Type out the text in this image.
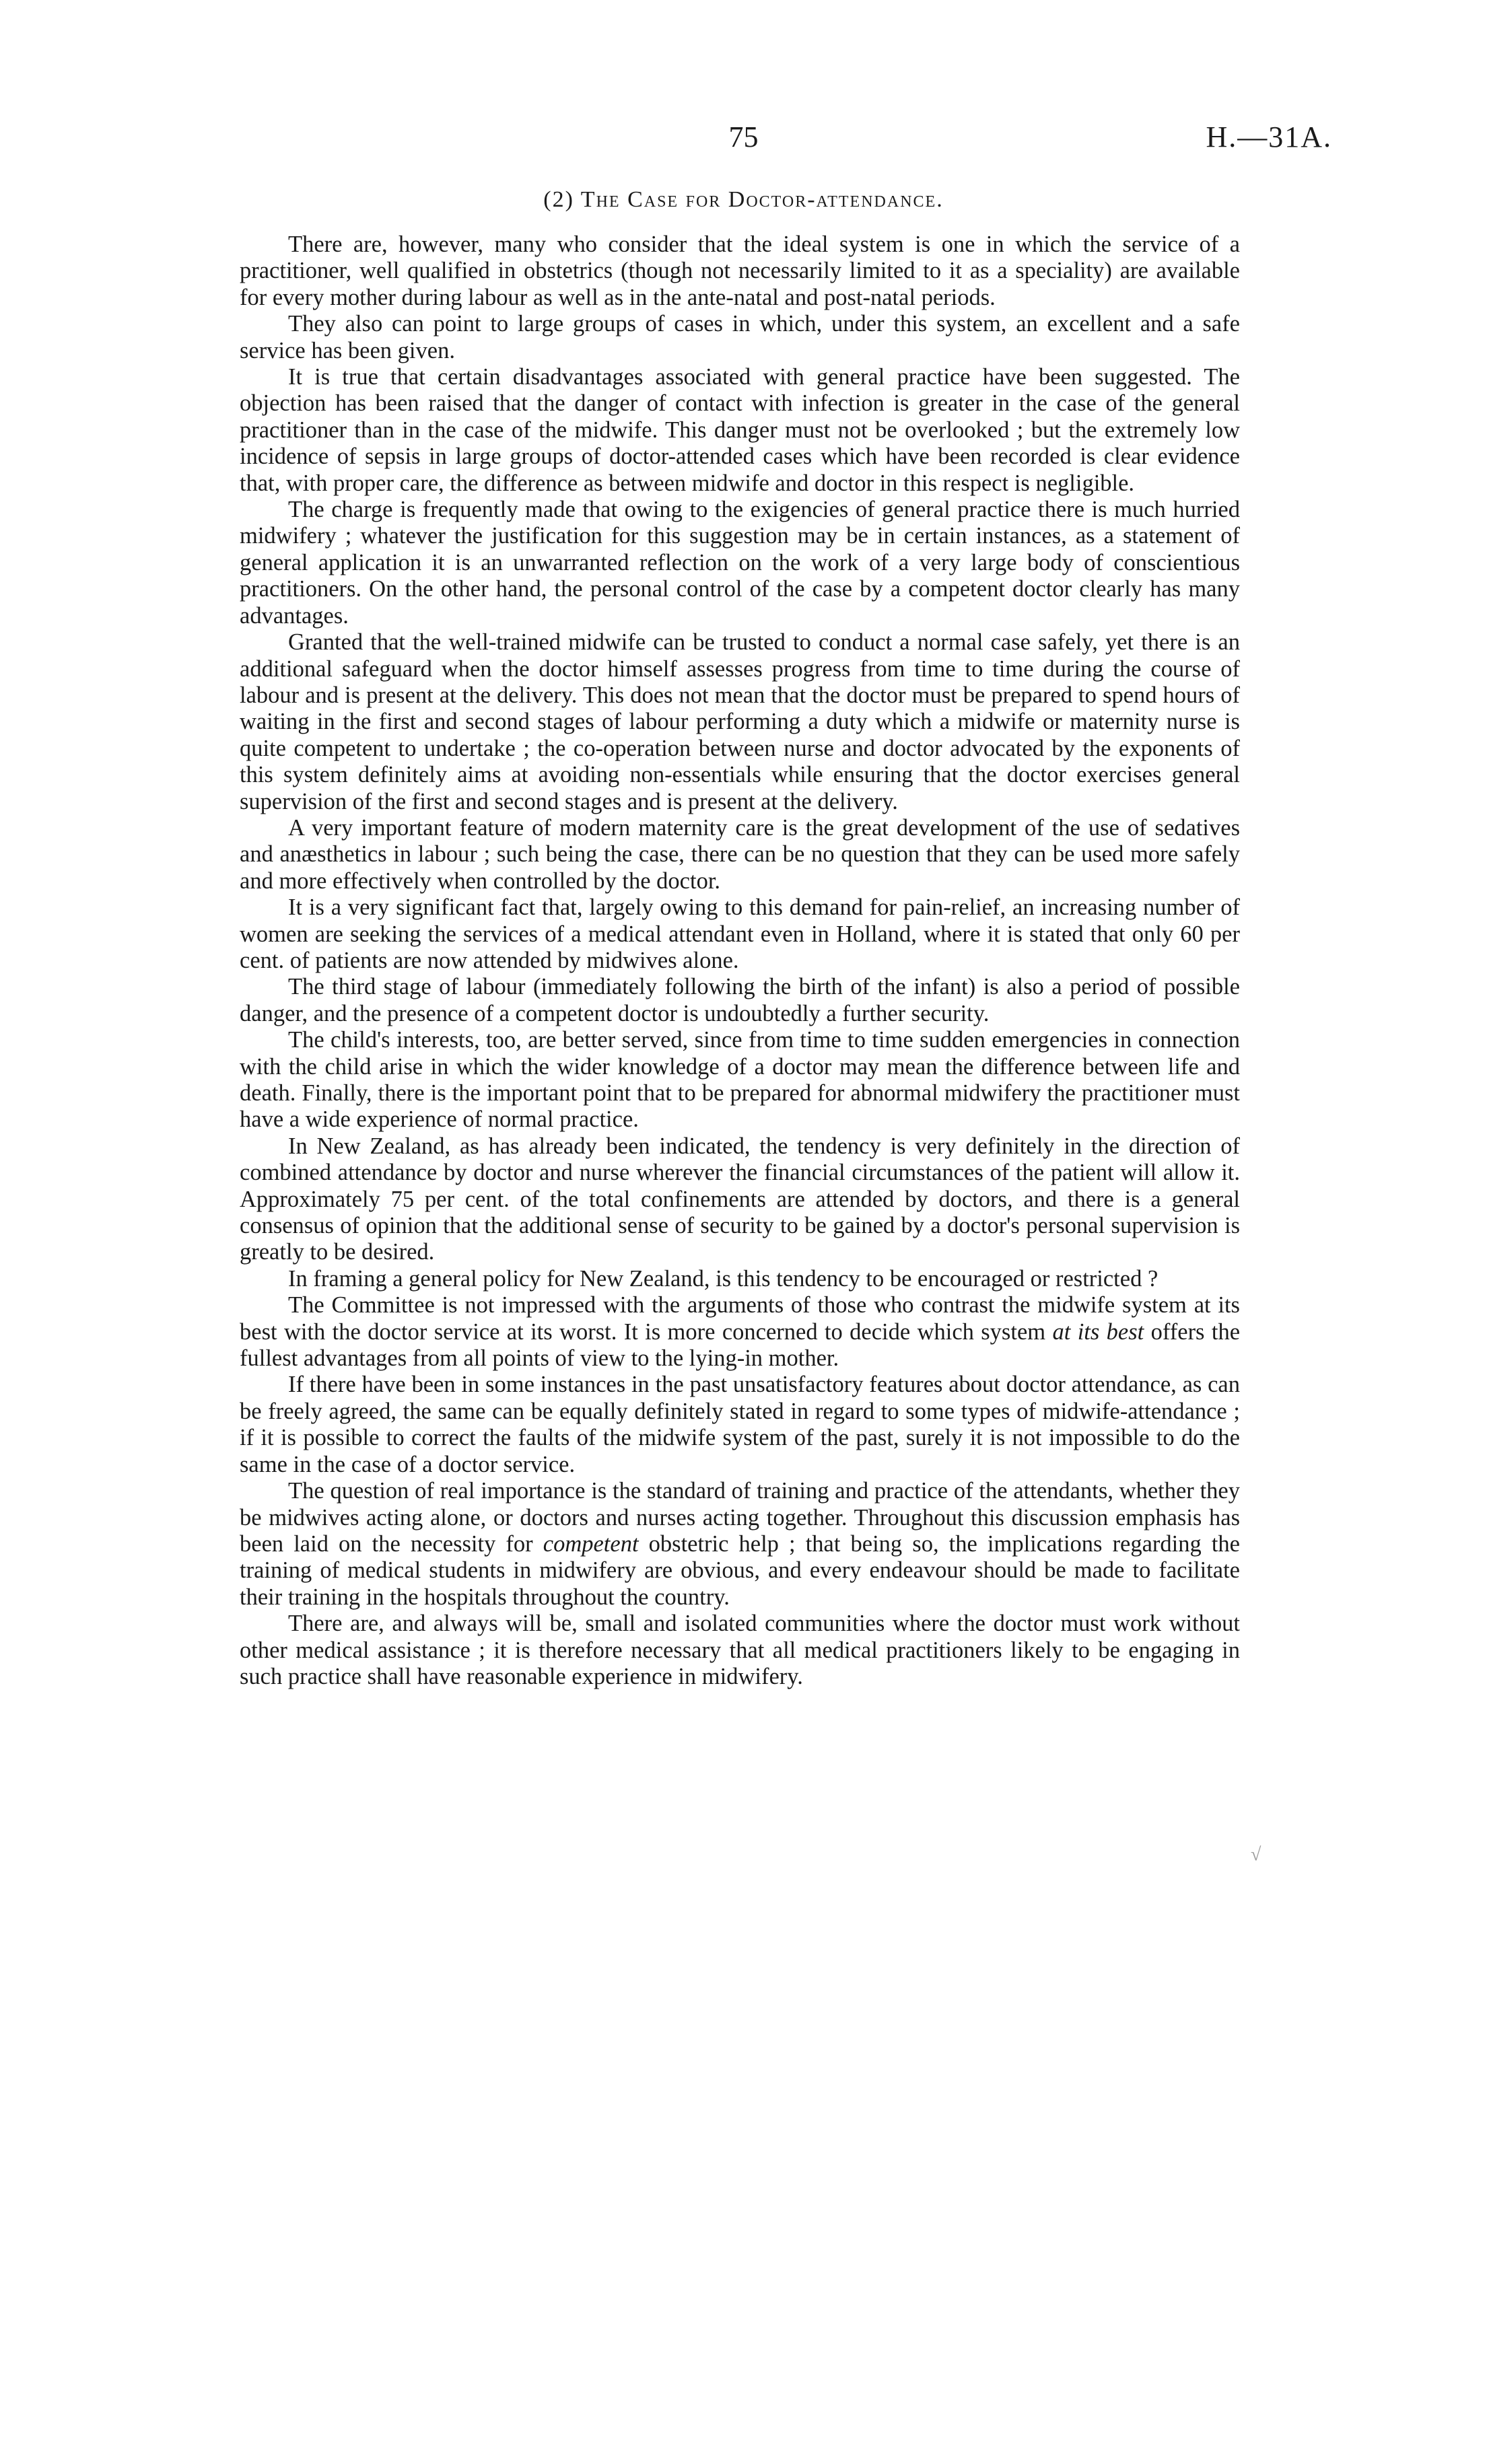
75	H.—31A.
(2) The Case for Doctor-attendance.

There are, however, many who consider that the ideal system is one in which the service of a practitioner, well qualified in obstetrics (though not necessarily limited to it as a speciality) are available for every mother during labour as well as in the ante-natal and post-natal periods.

They also can point to large groups of cases in which, under this system, an excellent and a safe service has been given.

It is true that certain disadvantages associated with general practice have been suggested. The objection has been raised that the danger of contact with infection is greater in the case of the general practitioner than in the case of the midwife. This danger must not be overlooked ; but the extremely low incidence of sepsis in large groups of doctor-attended cases which have been recorded is clear evidence that, with proper care, the difference as between midwife and doctor in this respect is negligible.

The charge is frequently made that owing to the exigencies of general practice there is much hurried midwifery ; whatever the justification for this suggestion may be in certain instances, as a statement of general application it is an unwarranted reflection on the work of a very large body of conscientious practitioners. On the other hand, the personal control of the case by a competent doctor clearly has many advantages.

Granted that the well-trained midwife can be trusted to conduct a normal case safely, yet there is an additional safeguard when the doctor himself assesses progress from time to time during the course of labour and is present at the delivery. This does not mean that the doctor must be prepared to spend hours of waiting in the first and second stages of labour performing a duty which a midwife or maternity nurse is quite competent to undertake ; the co-operation between nurse and doctor advocated by the exponents of this system definitely aims at avoiding non-essentials while ensuring that the doctor exercises general supervision of the first and second stages and is present at the delivery.

A very important feature of modern maternity care is the great development of the use of sedatives and anæsthetics in labour ; such being the case, there can be no question that they can be used more safely and more effectively when controlled by the doctor.

It is a very significant fact that, largely owing to this demand for pain-relief, an increasing number of women are seeking the services of a medical attendant even in Holland, where it is stated that only 60 per cent. of patients are now attended by midwives alone.

The third stage of labour (immediately following the birth of the infant) is also a period of possible danger, and the presence of a competent doctor is undoubtedly a further security.

The child's interests, too, are better served, since from time to time sudden emergencies in connection with the child arise in which the wider knowledge of a doctor may mean the difference between life and death. Finally, there is the important point that to be prepared for abnormal midwifery the practitioner must have a wide experience of normal practice.

In New Zealand, as has already been indicated, the tendency is very definitely in the direction of combined attendance by doctor and nurse wherever the financial circumstances of the patient will allow it. Approximately 75 per cent. of the total confinements are attended by doctors, and there is a general consensus of opinion that the additional sense of security to be gained by a doctor's personal supervision is greatly to be desired.

In framing a general policy for New Zealand, is this tendency to be encouraged or restricted ?

The Committee is not impressed with the arguments of those who contrast the midwife system at its best with the doctor service at its worst. It is more concerned to decide which system at its best offers the fullest advantages from all points of view to the lying-in mother.

If there have been in some instances in the past unsatisfactory features about doctor attendance, as can be freely agreed, the same can be equally definitely stated in regard to some types of midwife-attendance ; if it is possible to correct the faults of the midwife system of the past, surely it is not impossible to do the same in the case of a doctor service.

The question of real importance is the standard of training and practice of the attendants, whether they be midwives acting alone, or doctors and nurses acting together. Throughout this discussion emphasis has been laid on the necessity for competent obstetric help ; that being so, the implications regarding the training of medical students in midwifery are obvious, and every endeavour should be made to facilitate their training in the hospitals throughout the country.

There are, and always will be, small and isolated communities where the doctor must work without other medical assistance ; it is therefore necessary that all medical practitioners likely to be engaging in such practice shall have reasonable experience in midwifery.

√
